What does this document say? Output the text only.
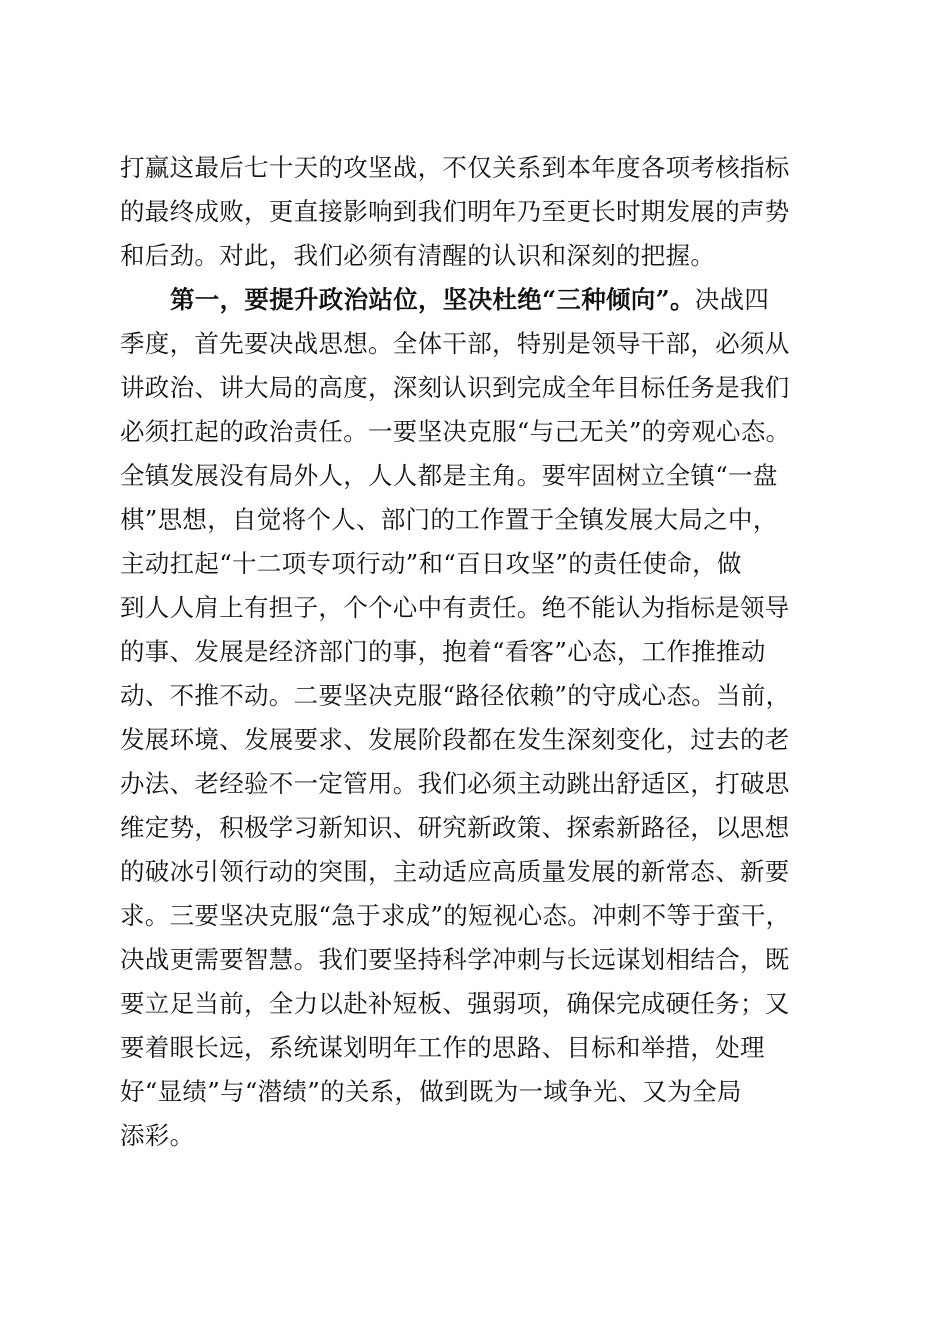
打赢这最后七十天的攻坚战，不仅关系到本年度各项考核指标
的最终成败，更直接影响到我们明年乃至更长时期发展的声势
和后劲。对此，我们必须有清醒的认识和深刻的把握。
第一，要提升政治站位，坚决杜绝“三种倾向”。决战四
季度，首先要决战思想。全体干部，特别是领导干部，必须从
讲政治、讲大局的高度，深刻认识到完成全年目标任务是我们
必须扛起的政治责任。一要坚决克服“与己无关”的旁观心态。
全镇发展没有局外人，人人都是主角。要牢固树立全镇“一盘
棋”思想，自觉将个人、部门的工作置于全镇发展大局之中，
主动扛起“十二项专项行动”和“百日攻坚”的责任使命，做
到人人肩上有担子，个个心中有责任。绝不能认为指标是领导
的事、发展是经济部门的事，抱着“看客”心态，工作推推动
动、不推不动。二要坚决克服“路径依赖”的守成心态。当前，
发展环境、发展要求、发展阶段都在发生深刻变化，过去的老
办法、老经验不一定管用。我们必须主动跳出舒适区，打破思
维定势，积极学习新知识、研究新政策、探索新路径，以思想
的破冰引领行动的突围，主动适应高质量发展的新常态、新要
求。三要坚决克服“急于求成”的短视心态。冲刺不等于蛮干，
决战更需要智慧。我们要坚持科学冲刺与长远谋划相结合，既
要立足当前，全力以赴补短板、强弱项，确保完成硬任务；又
要着眼长远，系统谋划明年工作的思路、目标和举措，处理
好“显绩”与“潜绩”的关系，做到既为一域争光、又为全局
添彩。
